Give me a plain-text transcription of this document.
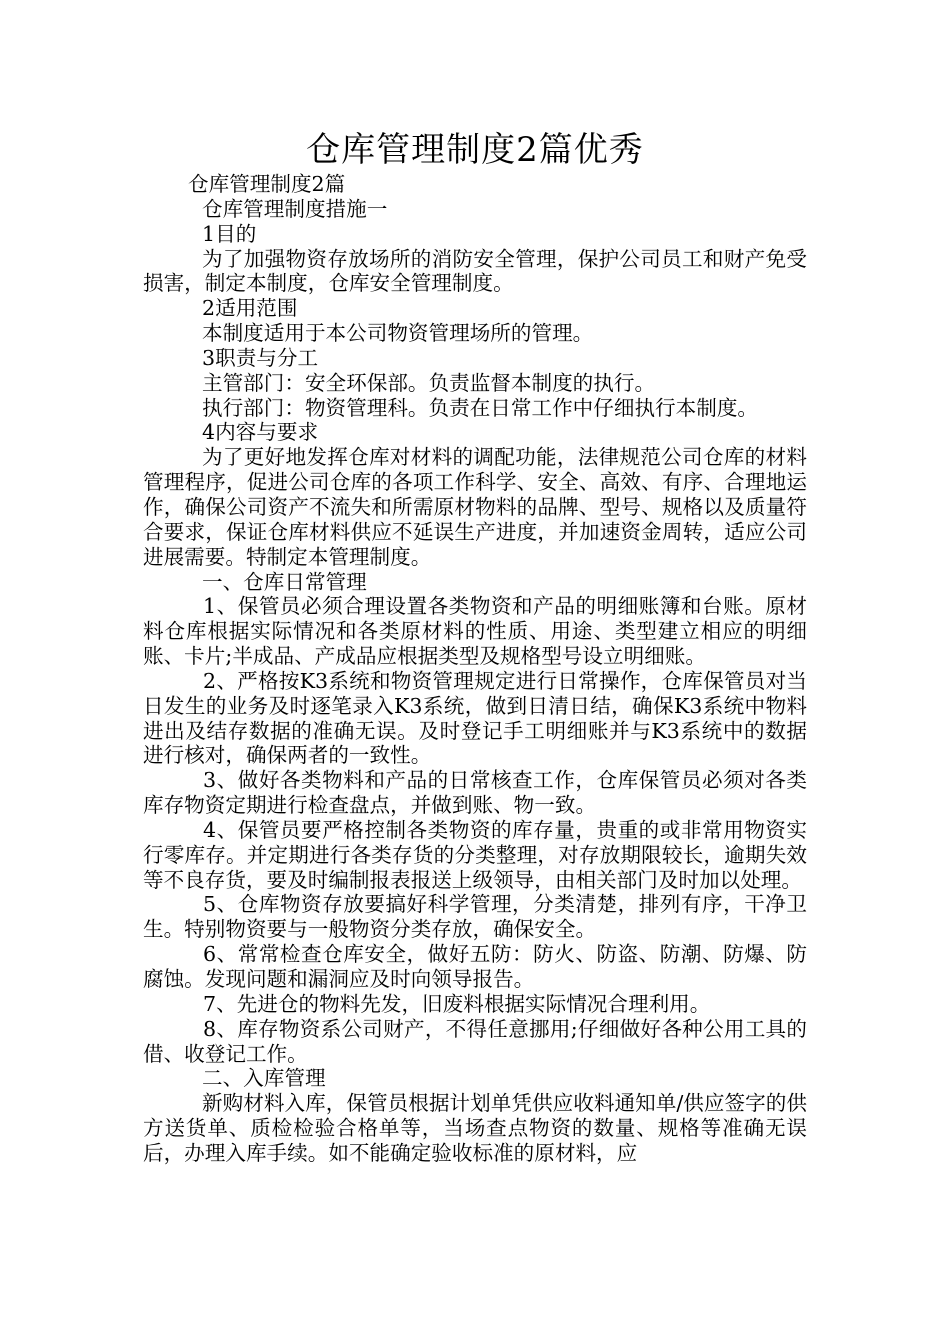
仓库管理制度2篇优秀

仓库管理制度2篇

仓库管理制度措施一

1目的

为了加强物资存放场所的消防安全管理，保护公司员工和财产免受损害，制定本制度，仓库安全管理制度。

2适用范围

本制度适用于本公司物资管理场所的管理。

3职责与分工

主管部门：安全环保部。负责监督本制度的执行。

执行部门：物资管理科。负责在日常工作中仔细执行本制度。

4内容与要求

为了更好地发挥仓库对材料的调配功能，法律规范公司仓库的材料管理程序，促进公司仓库的各项工作科学、安全、高效、有序、合理地运作，确保公司资产不流失和所需原材物料的品牌、型号、规格以及质量符合要求，保证仓库材料供应不延误生产进度，并加速资金周转，适应公司进展需要。特制定本管理制度。

一、仓库日常管理

1、保管员必须合理设置各类物资和产品的明细账簿和台账。原材料仓库根据实际情况和各类原材料的性质、用途、类型建立相应的明细账、卡片;半成品、产成品应根据类型及规格型号设立明细账。

2、严格按K3系统和物资管理规定进行日常操作，仓库保管员对当日发生的业务及时逐笔录入K3系统，做到日清日结，确保K3系统中物料进出及结存数据的准确无误。及时登记手工明细账并与K3系统中的数据进行核对，确保两者的一致性。

3、做好各类物料和产品的日常核查工作，仓库保管员必须对各类库存物资定期进行检查盘点，并做到账、物一致。

4、保管员要严格控制各类物资的库存量，贵重的或非常用物资实行零库存。并定期进行各类存货的分类整理，对存放期限较长，逾期失效等不良存货，要及时编制报表报送上级领导，由相关部门及时加以处理。

5、仓库物资存放要搞好科学管理，分类清楚，排列有序，干净卫生。特别物资要与一般物资分类存放，确保安全。

6、常常检查仓库安全，做好五防：防火、防盗、防潮、防爆、防腐蚀。发现问题和漏洞应及时向领导报告。

7、先进仓的物料先发，旧废料根据实际情况合理利用。

8、库存物资系公司财产，不得任意挪用;仔细做好各种公用工具的借、收登记工作。

二、入库管理

新购材料入库，保管员根据计划单凭供应收料通知单/供应签字的供方送货单、质检检验合格单等，当场查点物资的数量、规格等准确无误后，办理入库手续。如不能确定验收标准的原材料，应
